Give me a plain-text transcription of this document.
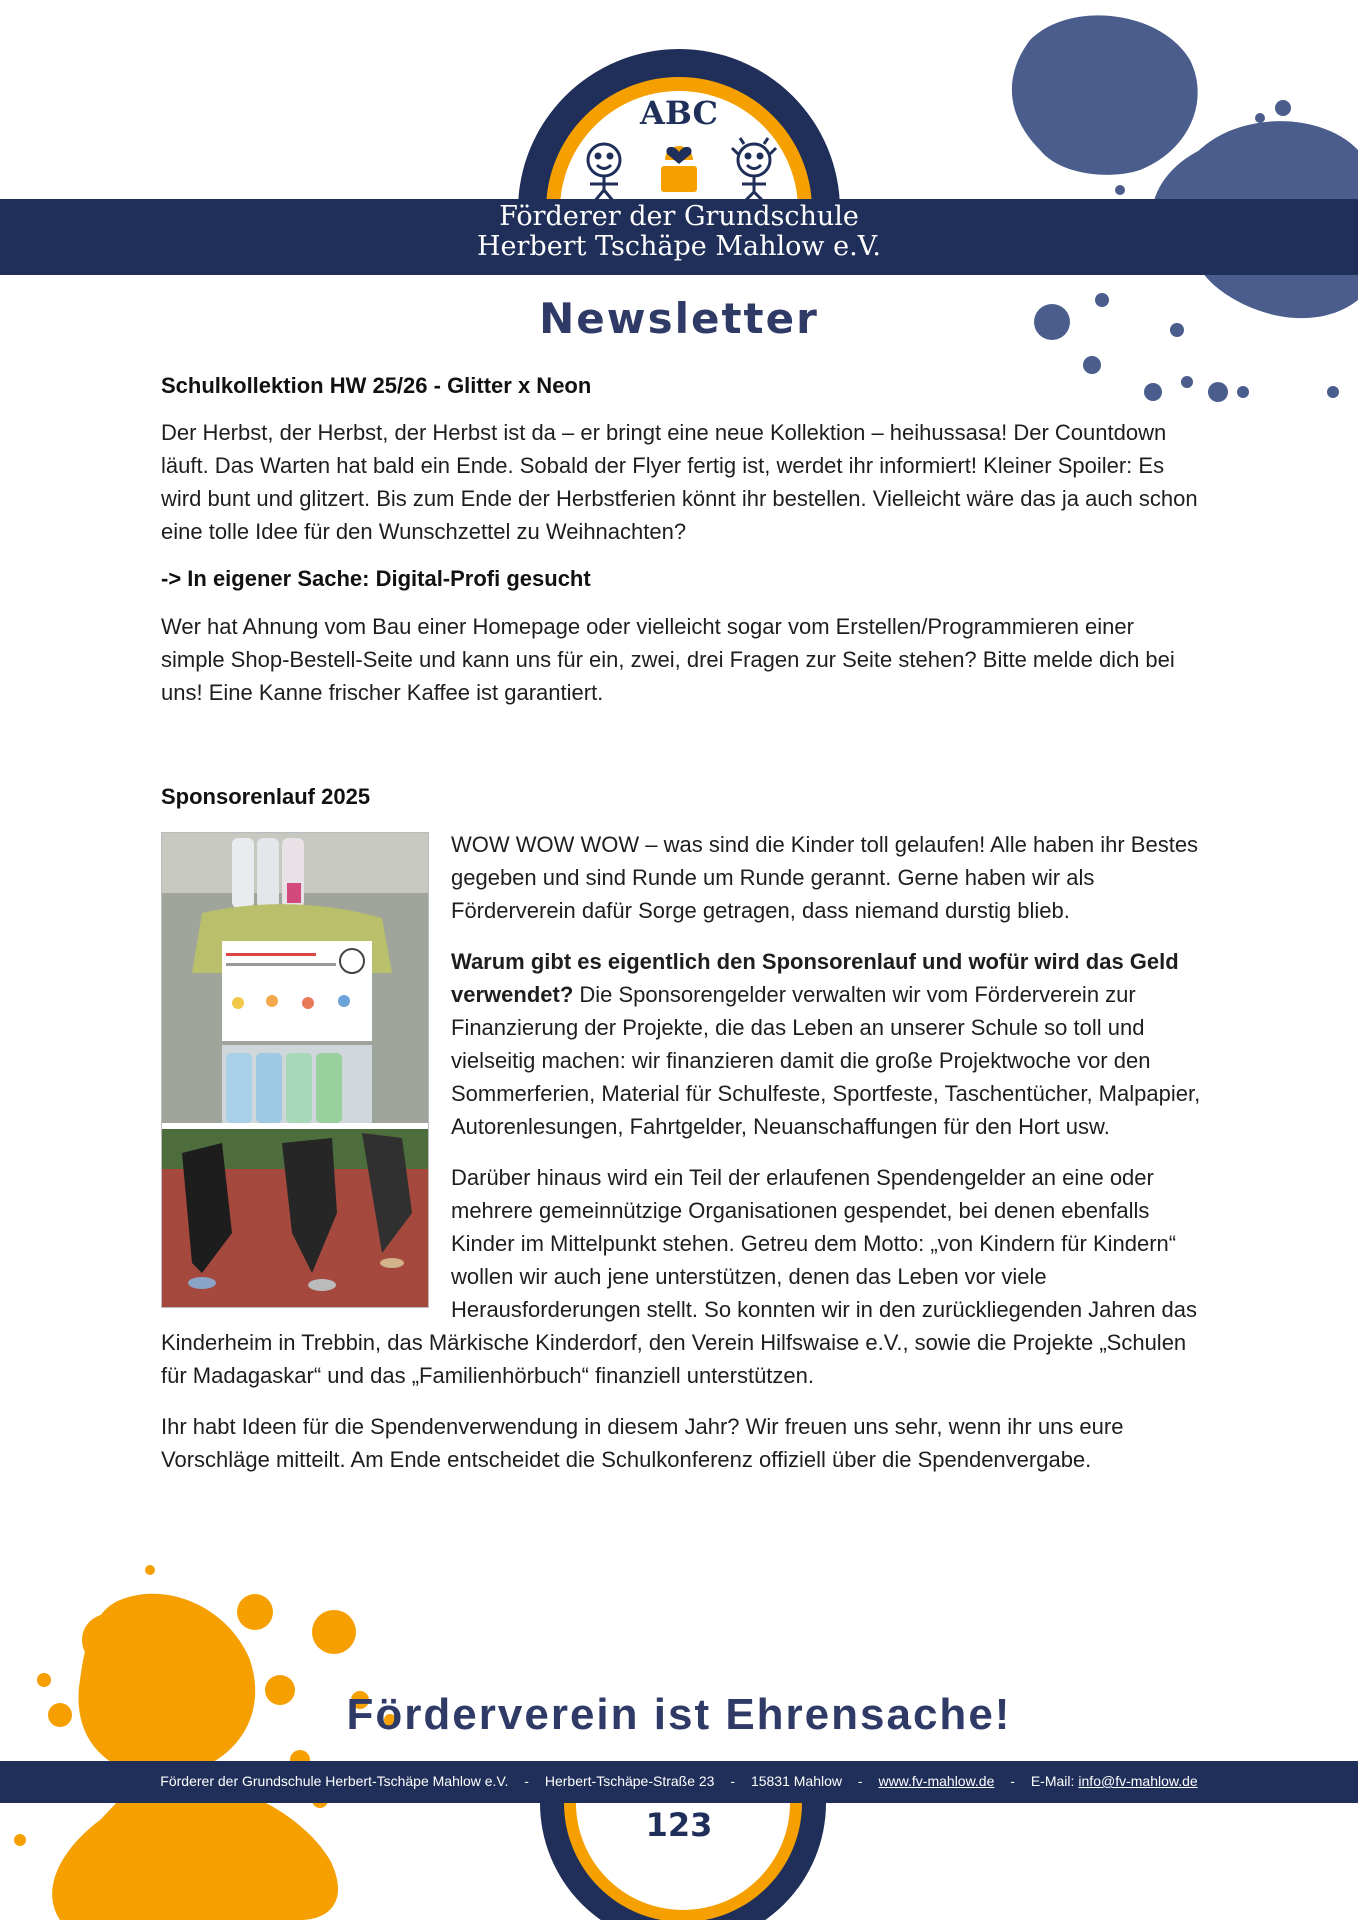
ABC
Förderer der Grundschule
Herbert Tschäpe Mahlow e.V.
Newsletter

Schulkollektion HW 25/26 - Glitter x Neon

Der Herbst, der Herbst, der Herbst ist da – er bringt eine neue Kollektion – heihussasa! Der Countdown läuft. Das Warten hat bald ein Ende. Sobald der Flyer fertig ist, werdet ihr informiert! Kleiner Spoiler: Es wird bunt und glitzert. Bis zum Ende der Herbstferien könnt ihr bestellen. Vielleicht wäre das ja auch schon eine tolle Idee für den Wunschzettel zu Weihnachten?

-> In eigener Sache: Digital-Profi gesucht

Wer hat Ahnung vom Bau einer Homepage oder vielleicht sogar vom Erstellen/Programmieren einer simple Shop-Bestell-Seite und kann uns für ein, zwei, drei Fragen zur Seite stehen? Bitte melde dich bei uns! Eine Kanne frischer Kaffee ist garantiert.

Sponsorenlauf 2025

WOW WOW WOW – was sind die Kinder toll gelaufen! Alle haben ihr Bestes gegeben und sind Runde um Runde gerannt. Gerne haben wir als Förderverein dafür Sorge getragen, dass niemand durstig blieb.

Warum gibt es eigentlich den Sponsorenlauf und wofür wird das Geld verwendet? Die Sponsorengelder verwalten wir vom Förderverein zur Finanzierung der Projekte, die das Leben an unserer Schule so toll und vielseitig machen: wir finanzieren damit die große Projektwoche vor den Sommerferien, Material für Schulfeste, Sportfeste, Taschentücher, Malpapier, Autorenlesungen, Fahrtgelder, Neuanschaffungen für den Hort usw.

Darüber hinaus wird ein Teil der erlaufenen Spendengelder an eine oder mehrere gemeinnützige Organisationen gespendet, bei denen ebenfalls Kinder im Mittelpunkt stehen. Getreu dem Motto: „von Kindern für Kindern“ wollen wir auch jene unterstützen, denen das Leben vor viele Herausforderungen stellt. So konnten wir in den zurückliegenden Jahren das Kinderheim in Trebbin, das Märkische Kinderdorf, den Verein Hilfswaise e.V., sowie die Projekte „Schulen für Madagaskar“ und das „Familienhörbuch“ finanziell unterstützen.

Ihr habt Ideen für die Spendenverwendung in diesem Jahr? Wir freuen uns sehr, wenn ihr uns eure Vorschläge mitteilt. Am Ende entscheidet die Schulkonferenz offiziell über die Spendenvergabe.

Förderverein ist Ehrensache!
Förderer der Grundschule Herbert-Tschäpe Mahlow e.V. - Herbert-Tschäpe-Straße 23 - 15831 Mahlow - www.fv-mahlow.de - E-Mail: info@fv-mahlow.de
123
